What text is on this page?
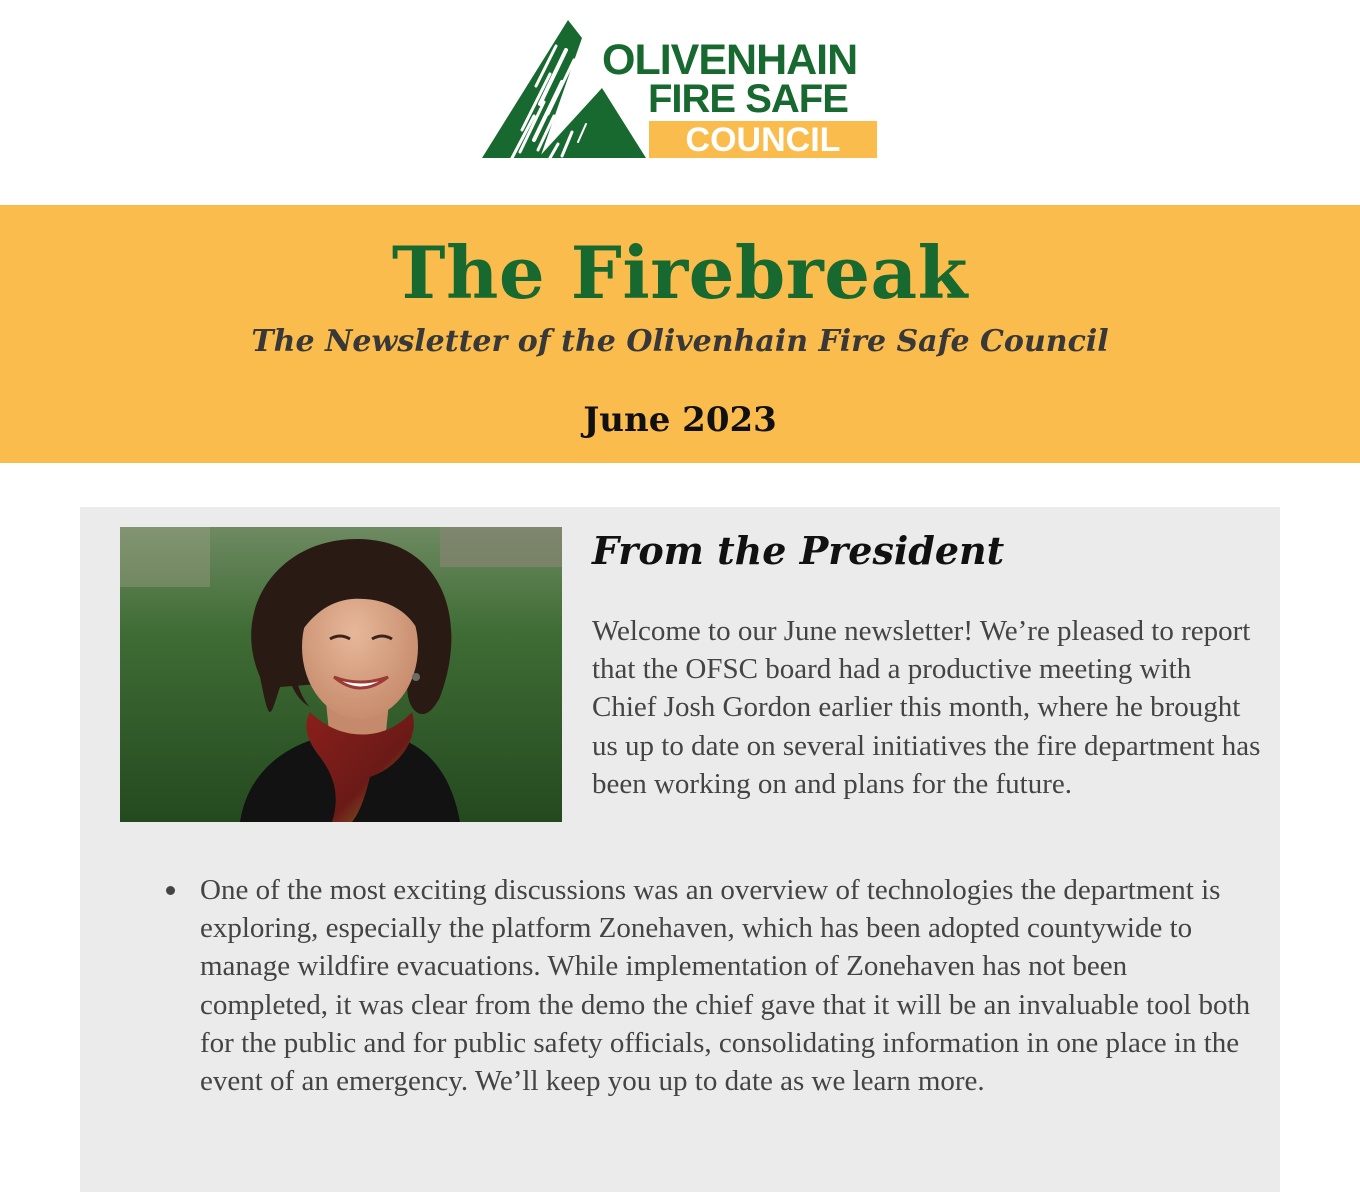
OLIVENHAIN
FIRE SAFE
COUNCIL
The Firebreak
The Newsletter of the Olivenhain Fire Safe Council
June 2023
From the President

Welcome to our June newsletter! We’re pleased to report that the OFSC board had a productive meeting with Chief Josh Gordon earlier this month, where he brought us up to date on several initiatives the fire department has been working on and plans for the future.

One of the most exciting discussions was an overview of technologies the department is exploring, especially the platform Zonehaven, which has been adopted countywide to manage wildfire evacuations. While implementation of Zonehaven has not been completed, it was clear from the demo the chief gave that it will be an invaluable tool both for the public and for public safety officials, consolidating information in one place in the event of an emergency. We’ll keep you up to date as we learn more.
